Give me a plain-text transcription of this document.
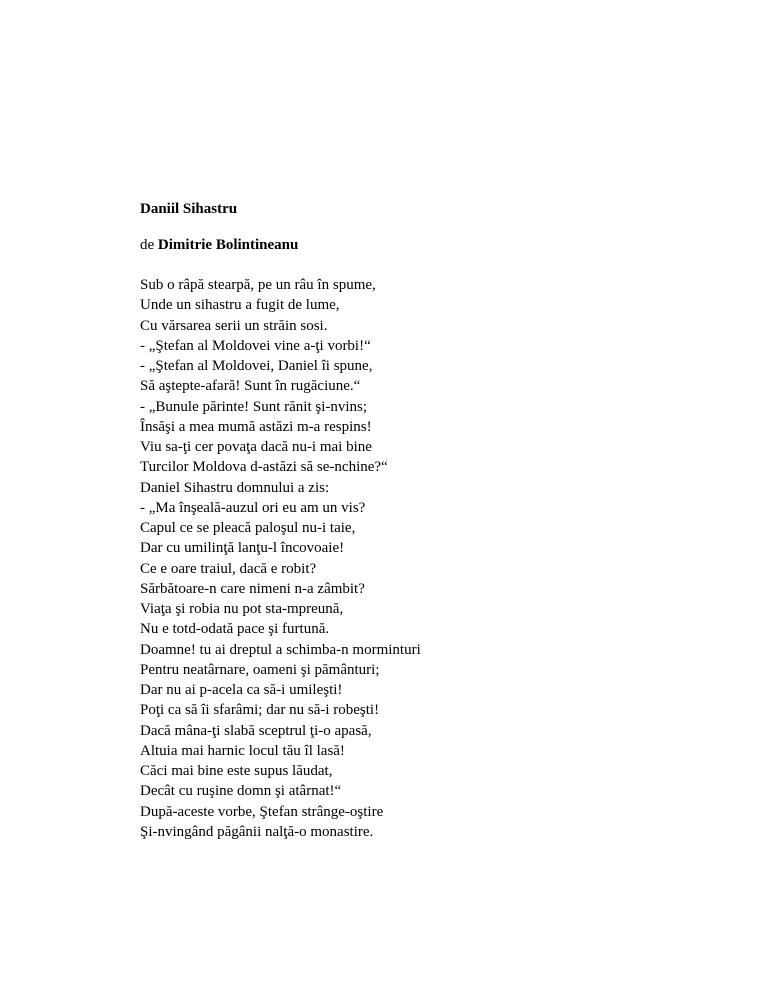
Daniil Sihastru

de Dimitrie Bolintineanu

Sub o râpă stearpă, pe un râu în spume,
Unde un sihastru a fugit de lume,
Cu vărsarea serii un străin sosi.
- „Ştefan al Moldovei vine a-ţi vorbi!“
- „Ştefan al Moldovei, Daniel îi spune,
Să aştepte-afară! Sunt în rugăciune.“
- „Bunule părinte! Sunt rănit şi-nvins;
Însăşi a mea mumă astăzi m-a respins!
Viu sa-ţi cer povaţa dacă nu-i mai bine
Turcilor Moldova d-astăzi să se-nchine?“
Daniel Sihastru domnului a zis:
- „Ma înşeală-auzul ori eu am un vis?
Capul ce se pleacă paloşul nu-i taie,
Dar cu umilinţă lanţu-l încovoaie!
Ce e oare traiul, dacă e robit?
Sărbătoare-n care nimeni n-a zâmbit?
Viaţa şi robia nu pot sta-mpreună,
Nu e totd-odată pace şi furtună.
Doamne! tu ai dreptul a schimba-n morminturi
Pentru neatârnare, oameni şi pământuri;
Dar nu ai p-acela ca să-i umileşti!
Poţi ca să îi sfarâmi; dar nu să-i robeşti!
Dacă mâna-ţi slabă sceptrul ţi-o apasă,
Altuia mai harnic locul tău îl lasă!
Căci mai bine este supus lăudat,
Decât cu ruşine domn şi atârnat!“
După-aceste vorbe, Ştefan strânge-oştire
Şi-nvingând păgânii nalţă-o monastire.
